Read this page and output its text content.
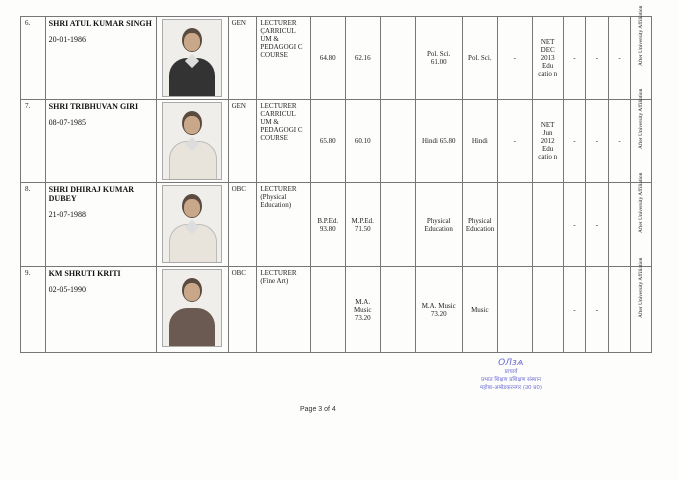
6.	SHRI ATUL KUMAR SINGH
20-01-1986		GEN	LECTURER ÇARRICUL UM & PEDAGOGI C COURSE	64.80	62.16		Pol. Sci. 61.00	Pol. Sci.	-	NET DEC 2013 Edu catio n	-	-	-	After University Affiliation

7.	SHRI TRIBHUVAN GIRI
08-07-1985		GEN	LECTURER CARRICUL UM & PEDAGOGI C COURSE	65.80	60.10		Hindi 65.80	Hindi	-	NET Jun 2012 Edu catio n	-	-	-	After University Affiliation

8.	SHRI DHIRAJ KUMAR DUBEY
21-07-1988		OBC	LECTURER (Physical Education)	B.P.Ed. 93.80	M.P.Ed. 71.50		Physical Education	Physical Education			-	-		After University Affiliation

9.	KM SHRUTI KRITI
02-05-1990		OBC	LECTURER (Fine Art)		M.A. Music 73.20		M.A. Music 73.20	Music			-	-		After University Affiliation
Page 3 of 4
ОЛзѧ
प्राचार्य
प्रभात शिक्षण प्रशिक्षण संस्थान
महोबा-अम्बेडकरनगर (उ0 प्र0)
